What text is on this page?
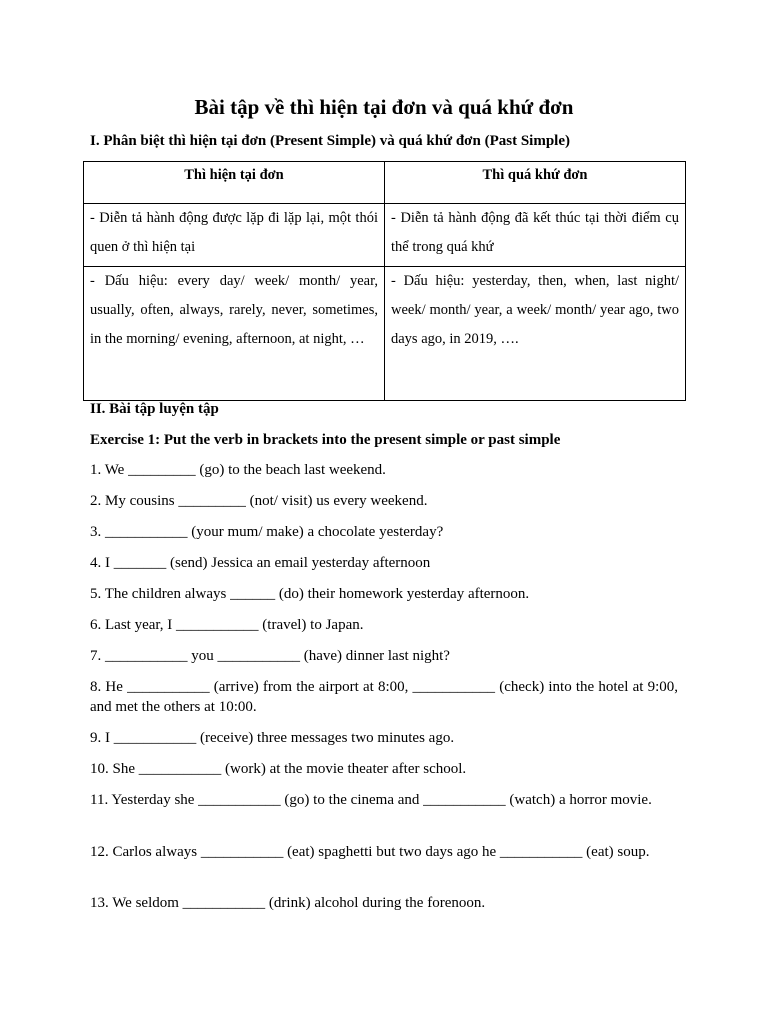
Bài tập về thì hiện tại đơn và quá khứ đơn
I. Phân biệt thì hiện tại đơn (Present Simple) và quá khứ đơn (Past Simple)
Thì hiện tại đơn	Thì quá khứ đơn
- Diễn tả hành động được lặp đi lặp lại, một thói quen ở thì hiện tại	- Diễn tả hành động đã kết thúc tại thời điểm cụ thể trong quá khứ
- Dấu hiệu: every day/ week/ month/ year, usually, often, always, rarely, never, sometimes, in the morning/ evening, afternoon, at night, …	- Dấu hiệu: yesterday, then, when, last night/ week/ month/ year, a week/ month/ year ago, two days ago, in 2019, ….
II. Bài tập luyện tập
Exercise 1: Put the verb in brackets into the present simple or past simple
1. We _________ (go) to the beach last weekend.
2. My cousins _________ (not/ visit) us every weekend.
3. ___________ (your mum/ make) a chocolate yesterday?
4. I _______ (send) Jessica an email yesterday afternoon
5. The children always ______ (do) their homework yesterday afternoon.
6. Last year, I ___________ (travel) to Japan.
7. ___________ you ___________ (have) dinner last night?
8. He ___________ (arrive) from the airport at 8:00, ___________ (check) into the hotel at 9:00, and met the others at 10:00.
9. I ___________ (receive) three messages two minutes ago.
10. She ___________ (work) at the movie theater after school.
11. Yesterday she ___________ (go) to the cinema and ___________ (watch) a horror movie.
12. Carlos always ___________ (eat) spaghetti but two days ago he ___________ (eat) soup.
13. We seldom ___________ (drink) alcohol during the forenoon.
